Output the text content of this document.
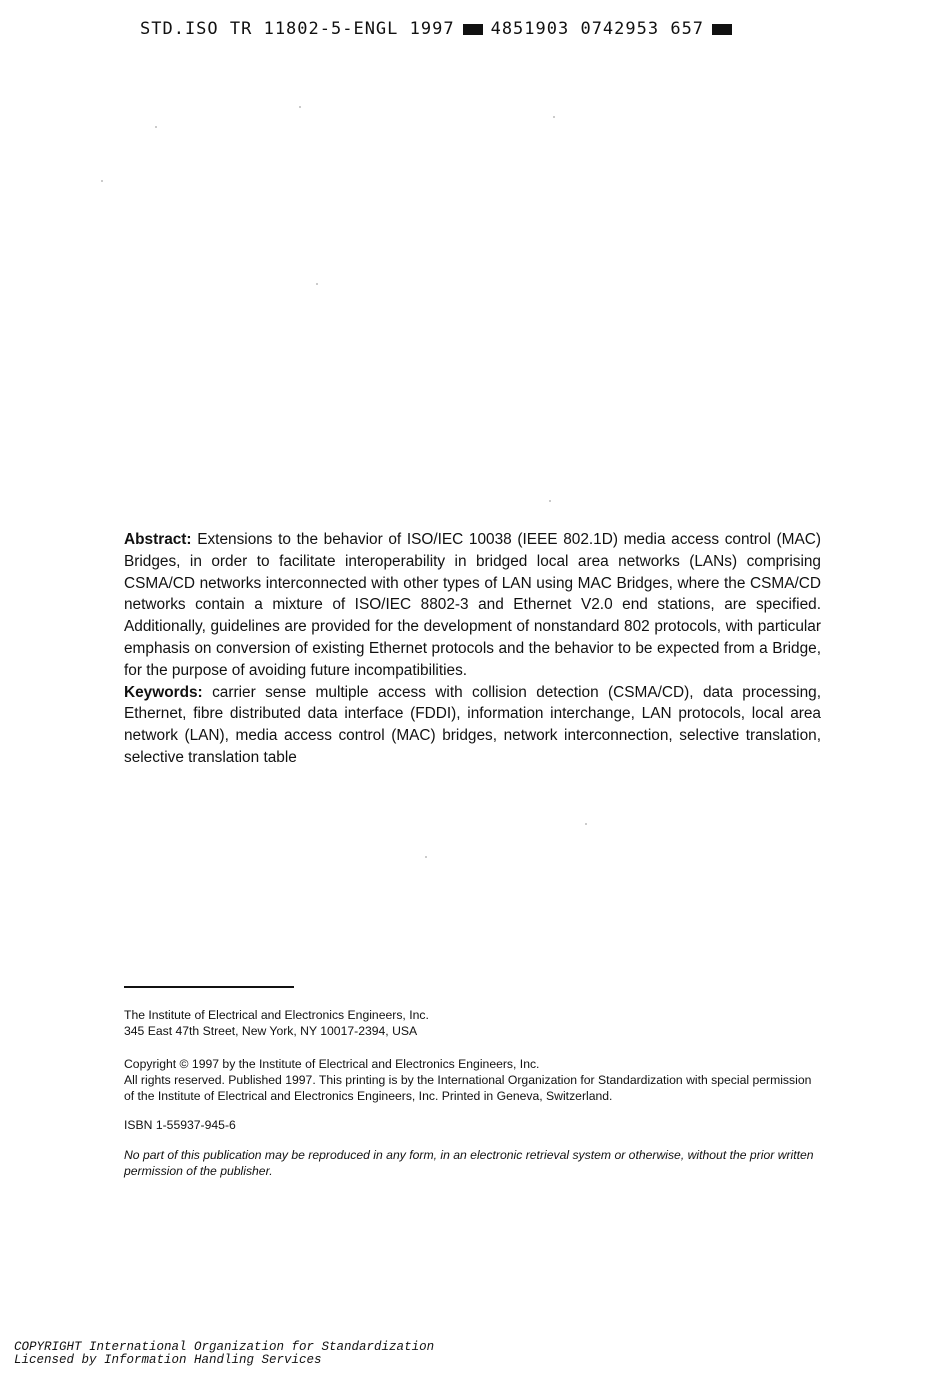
STD.ISO TR 11802-5-ENGL 1997 4851903 0742953 657

Abstract: Extensions to the behavior of ISO/IEC 10038 (IEEE 802.1D) media access control (MAC) Bridges, in order to facilitate interoperability in bridged local area networks (LANs) comprising CSMA/CD networks interconnected with other types of LAN using MAC Bridges, where the CSMA/CD networks contain a mixture of ISO/IEC 8802-3 and Ethernet V2.0 end stations, are specified. Additionally, guidelines are provided for the development of nonstandard 802 protocols, with particular emphasis on conversion of existing Ethernet protocols and the behavior to be expected from a Bridge, for the purpose of avoiding future incompatibilities.

Keywords: carrier sense multiple access with collision detection (CSMA/CD), data processing, Ethernet, fibre distributed data interface (FDDI), information interchange, LAN protocols, local area network (LAN), media access control (MAC) bridges, network interconnection, selective translation, selective translation table

The Institute of Electrical and Electronics Engineers, Inc.

345 East 47th Street, New York, NY 10017-2394, USA

Copyright © 1997 by the Institute of Electrical and Electronics Engineers, Inc.

All rights reserved. Published 1997. This printing is by the International Organization for Standardization with special permission of the Institute of Electrical and Electronics Engineers, Inc. Printed in Geneva, Switzerland.

ISBN 1-55937-945-6

No part of this publication may be reproduced in any form, in an electronic retrieval system or otherwise, without the prior written permission of the publisher.

COPYRIGHT International Organization for Standardization
Licensed by Information Handling Services
